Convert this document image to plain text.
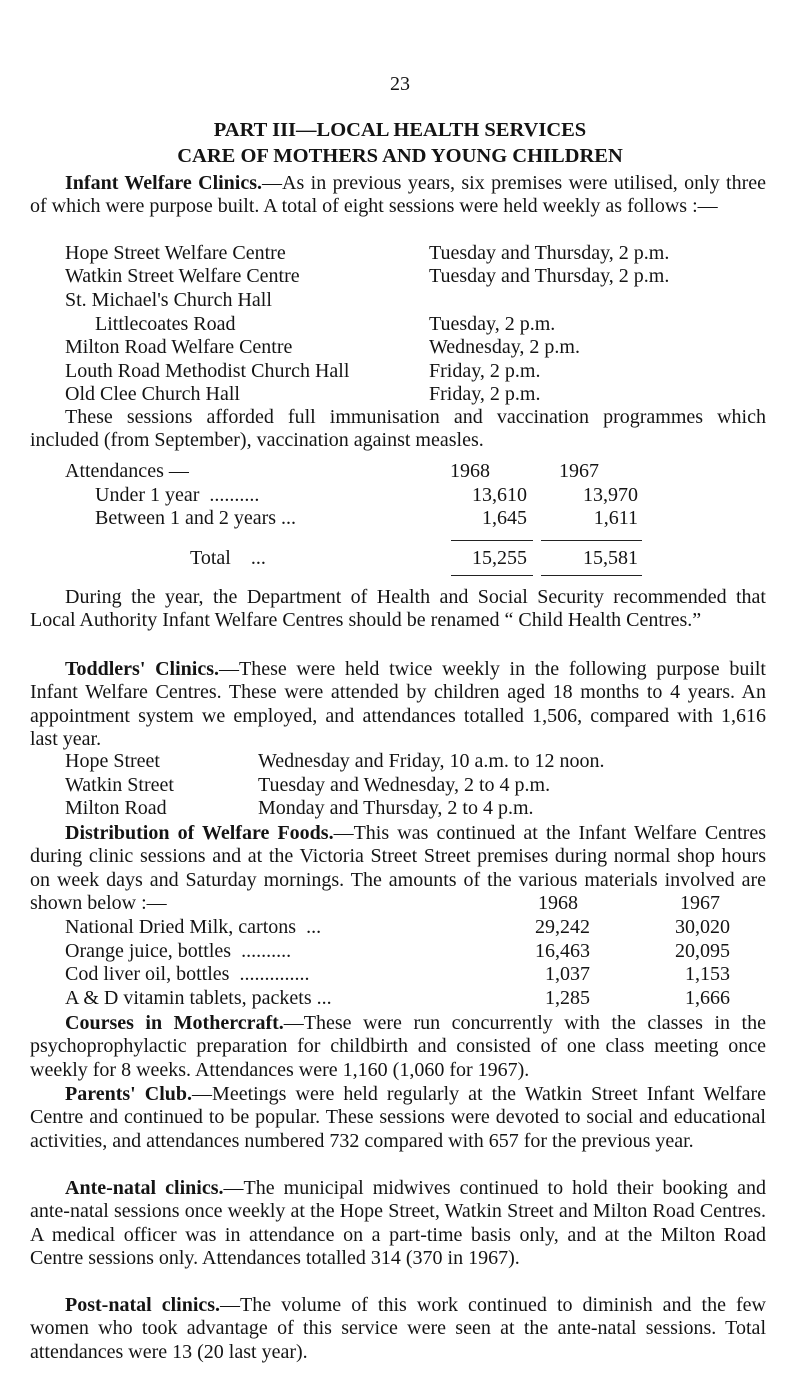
23
PART III—LOCAL HEALTH SERVICES
CARE OF MOTHERS AND YOUNG CHILDREN
Infant Welfare Clinics.—As in previous years, six premises were utilised, only three of which were purpose built. A total of eight sessions were held weekly as follows :—
Hope Street Welfare Centre	Tuesday and Thursday, 2 p.m.
Watkin Street Welfare Centre	Tuesday and Thursday, 2 p.m.
St. Michael's Church Hall
Littlecoates Road	Tuesday, 2 p.m.
Milton Road Welfare Centre	Wednesday, 2 p.m.
Louth Road Methodist Church Hall	Friday, 2 p.m.
Old Clee Church Hall	Friday, 2 p.m.
These sessions afforded full immunisation and vaccination programmes which included (from September), vaccination against measles.
Attendances —	1968	1967
Under 1 year ..........	13,610	13,970
Between 1 and 2 years ...	1,645	1,611
Total ...	15,255	15,581
During the year, the Department of Health and Social Security recommended that Local Authority Infant Welfare Centres should be renamed “ Child Health Centres.”
Toddlers' Clinics.—These were held twice weekly in the following purpose built Infant Welfare Centres. These were attended by children aged 18 months to 4 years. An appointment system we employed, and attendances totalled 1,506, compared with 1,616 last year.
Hope Street	Wednesday and Friday, 10 a.m. to 12 noon.
Watkin Street	Tuesday and Wednesday, 2 to 4 p.m.
Milton Road	Monday and Thursday, 2 to 4 p.m.
Distribution of Welfare Foods.—This was continued at the Infant Welfare Centres during clinic sessions and at the Victoria Street Street premises during normal shop hours on week days and Saturday mornings. The amounts of the various materials involved are shown below :—	1968	1967
National Dried Milk, cartons ...	29,242	30,020
Orange juice, bottles ..........	16,463	20,095
Cod liver oil, bottles ..............	1,037	1,153
A & D vitamin tablets, packets ...	1,285	1,666
Courses in Mothercraft.—These were run concurrently with the classes in the psychoprophylactic preparation for childbirth and consisted of one class meeting once weekly for 8 weeks. Attendances were 1,160 (1,060 for 1967).
Parents' Club.—Meetings were held regularly at the Watkin Street Infant Welfare Centre and continued to be popular. These sessions were devoted to social and educational activities, and attendances numbered 732 compared with 657 for the previous year.
Ante-natal clinics.—The municipal midwives continued to hold their booking and ante-natal sessions once weekly at the Hope Street, Watkin Street and Milton Road Centres. A medical officer was in attendance on a part-time basis only, and at the Milton Road Centre sessions only. Attendances totalled 314 (370 in 1967).
Post-natal clinics.—The volume of this work continued to diminish and the few women who took advantage of this service were seen at the ante-natal sessions. Total attendances were 13 (20 last year).
